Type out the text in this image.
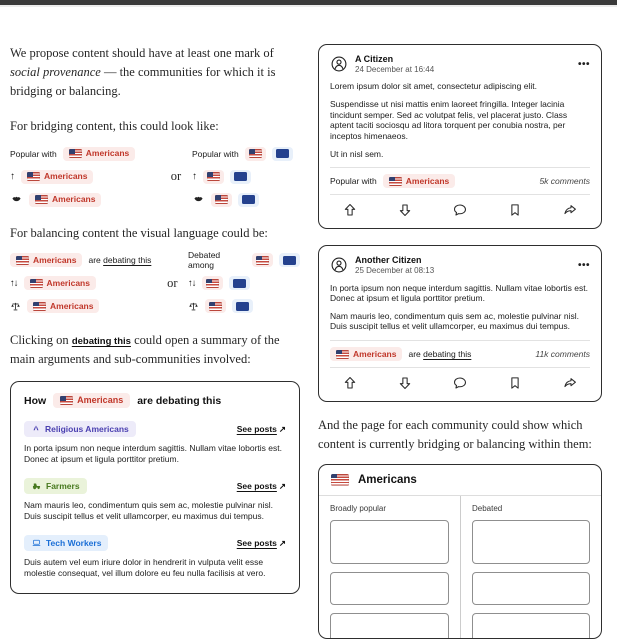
We propose content should have at least one mark of social provenance — the communities for which it is bridging or balancing.

For bridging content, this could look like:

Popular with	Americans
↑	Americans
Americans
or
Popular with
↑

For balancing content the visual language could be:

Americans are debating this
↑↓	Americans
Americans
or
Debated among
↑↓

Clicking on debating this could open a summary of the main arguments and sub-communities involved:

How	Americans are debating this
Religious Americans	See posts ↗

In porta ipsum non neque interdum sagittis. Nullam vitae lobortis est. Donec at ipsum et ligula porttitor pretium.

Farmers	See posts ↗

Nam mauris leo, condimentum quis sem ac, molestie pulvinar nisl. Duis suscipit tellus et velit ullamcorper, eu maximus dui tempus.

Tech Workers	See posts ↗

Duis autem vel eum iriure dolor in hendrerit in vulputa velit esse molestie consequat, vel illum dolore eu feu nulla facilisis at vero.

A Citizen
24 December at 16:44	•••

Lorem ipsum dolor sit amet, consectetur adipiscing elit.

Suspendisse ut nisi mattis enim laoreet fringilla. Integer lacinia tincidunt semper. Sed ac volutpat felis, vel placerat justo. Class aptent taciti sociosqu ad litora torquent per conubia nostra, per inceptos himenaeos.

Ut in nisl sem.

Popular with	Americans	5k comments
Another Citizen
25 December at 08:13	•••

In porta ipsum non neque interdum sagittis. Nullam vitae lobortis est. Donec at ipsum et ligula porttitor pretium.

Nam mauris leo, condimentum quis sem ac, molestie pulvinar nisl. Duis suscipit tellus et velit ullamcorper, eu maximus dui tempus.

Americans are debating this	11k comments

And the page for each community could show which content is currently bridging or balancing within them:

Americans
Broadly popular	Debated
